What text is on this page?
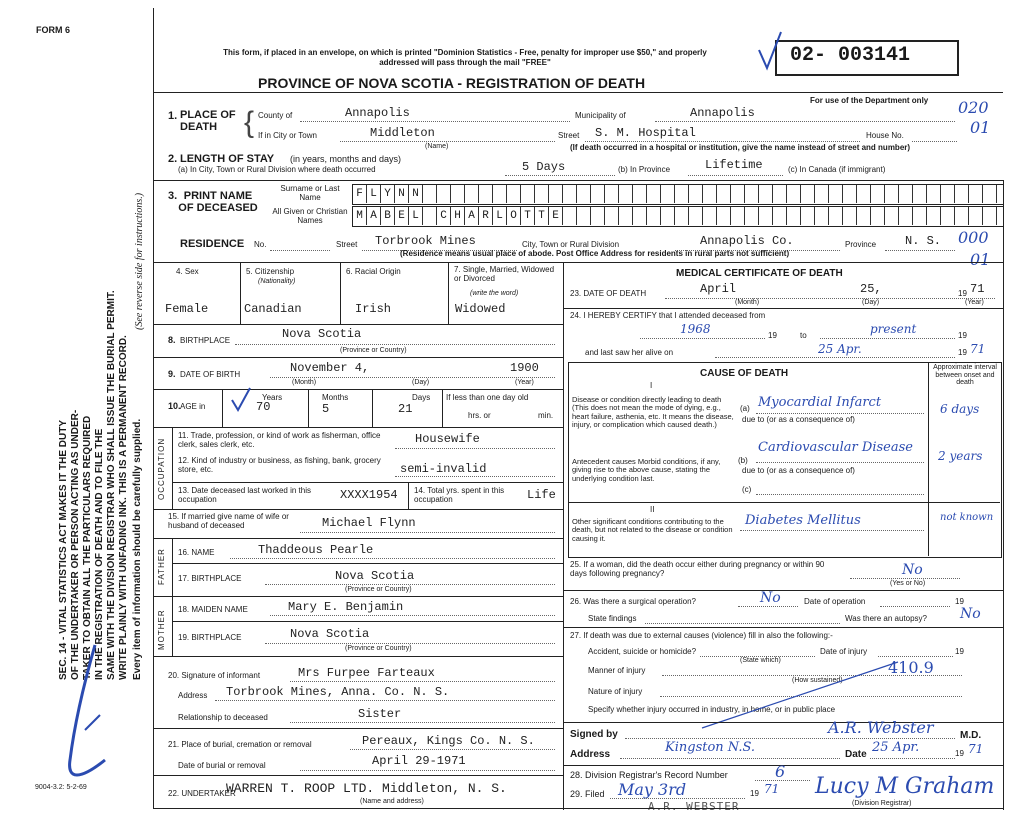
FORM 6
SEC. 14 - VITAL STATISTICS ACT MAKES IT THE DUTY OF THE UNDERTAKER OR PERSON ACTING AS UNDER- TAKER TO OBTAIN ALL THE PARTICULARS REQUIRED IN THE REGISTRATION OF DEATH AND TO FILE THE SAME WITH THE DIVISION REGISTRAR WHO SHALL ISSUE THE BURIAL PERMIT. WRITE PLAINLY WITH UNFADING INK. THIS IS A PERMANENT RECORD. Every item of information should be carefully supplied.
(See reverse side for instructions.)
9004-3.2: 5-2-69
This form, if placed in an envelope, on which is printed "Dominion Statistics - Free, penalty for improper use $50," and properly addressed will pass through the mail "FREE"
PROVINCE OF NOVA SCOTIA - REGISTRATION OF DEATH
02- 003141
For use of the Department only 020
01
000
01
1. PLACE OF DEATH { County of	Annapolis	Municipality of	Annapolis
If in City or Town	Middleton
(Name)
Street S. M. Hospital	House No.
(If death occurred in a hospital or institution, give the name instead of street and number)
2. LENGTH OF STAY (in years, months and days)
(a) In City, Town or Rural Division where death occurred	5 Days	(b) In Province	Lifetime	(c) In Canada (if immigrant)
3. PRINT NAME OF DECEASED
Surname or Last Name
All Given or Christian Names
F L Y N N
M A B E L	C H A R L O T T E
RESIDENCE No.	Street Torbrook Mines	City, Town or Rural Division	Annapolis Co.	Province N. S.
(Residence means usual place of abode. Post Office Address for residents in rural parts not sufficient)
4. Sex
Female
5. Citizenship
(Nationality)
Canadian
6. Racial Origin
Irish
7. Single, Married, Widowed or Divorced
(write the word)
Widowed
8. BIRTHPLACE	Nova Scotia
(Province or Country)
9. DATE OF BIRTH	November 4,	1900
(Month)	(Day)	(Year)
10. AGE in
Years
70
Months
5
Days
21
If less than one day old
hrs. or	min.
OCCUPATION
11. Trade, profession, or kind of work as fisherman, office clerk, sales clerk, etc.	Housewife
12. Kind of industry or business, as fishing, bank, grocery store, etc.	semi-invalid
13. Date deceased last worked in this occupation	XXXX1954 14. Total yrs. spent in this occupation	Life
15. If married give name of wife or husband of deceased	Michael Flynn
FATHER 16. NAME	Thaddeous Pearle
17. BIRTHPLACE	Nova Scotia
(Province or Country)
MOTHER 18. MAIDEN NAME	Mary E. Benjamin
19. BIRTHPLACE	Nova Scotia
(Province or Country)
20. Signature of informant	Mrs Furpee Farteaux
Address Torbrook Mines, Anna. Co. N. S.
Relationship to deceased	Sister
21. Place of burial, cremation or removal	Pereaux, Kings Co. N. S.
Date of burial or removal	April 29-1971
22. UNDERTAKER
WARREN T. ROOP LTD. Middleton, N. S.
(Name and address)
MEDICAL CERTIFICATE OF DEATH
23. DATE OF DEATH	April	25,	19 71
(Month)	(Day)	(Year)
24. I HEREBY CERTIFY that I attended deceased from
1968	19	to	present	19
and last saw her alive on	25 Apr.	19 71
CAUSE OF DEATH
Approximate interval between onset and death
I
Disease or condition directly leading to death (This does not mean the mode of dying, e.g., heart failure, asthenia, etc. It means the disease, injury, or complication which caused death.)
(a) Myocardial Infarct	6 days
due to (or as a consequence of)
Antecedent causes Morbid conditions, if any, giving rise to the above cause, stating the underlying condition last.
(b)
Cardiovascular Disease
2 years
due to (or as a consequence of)
(c)
II
Other significant conditions contributing to the death, but not related to the disease or condition causing it.
Diabetes Mellitus	not known
25. If a woman, did the death occur either during pregnancy or within 90 days following pregnancy?	No
(Yes or No)
26. Was there a surgical operation?	No	Date of operation	19
State findings	Was there an autopsy? No
27. If death was due to external causes (violence) fill in also the following:-
Accident, suicide or homicide?
(State which)
Date of injury	19
Manner of injury	410.9
(How sustained)
Nature of injury
Specify whether injury occurred in industry, in home, or in public place
Signed by	A.R. Webster	M.D.
Address	Kingston N.S.	Date 25 Apr.	19 71
28. Division Registrar's Record Number	6
29. Filed May 3rd	19 71 Lucy M Graham
(Division Registrar)
A.R. WEBSTER
